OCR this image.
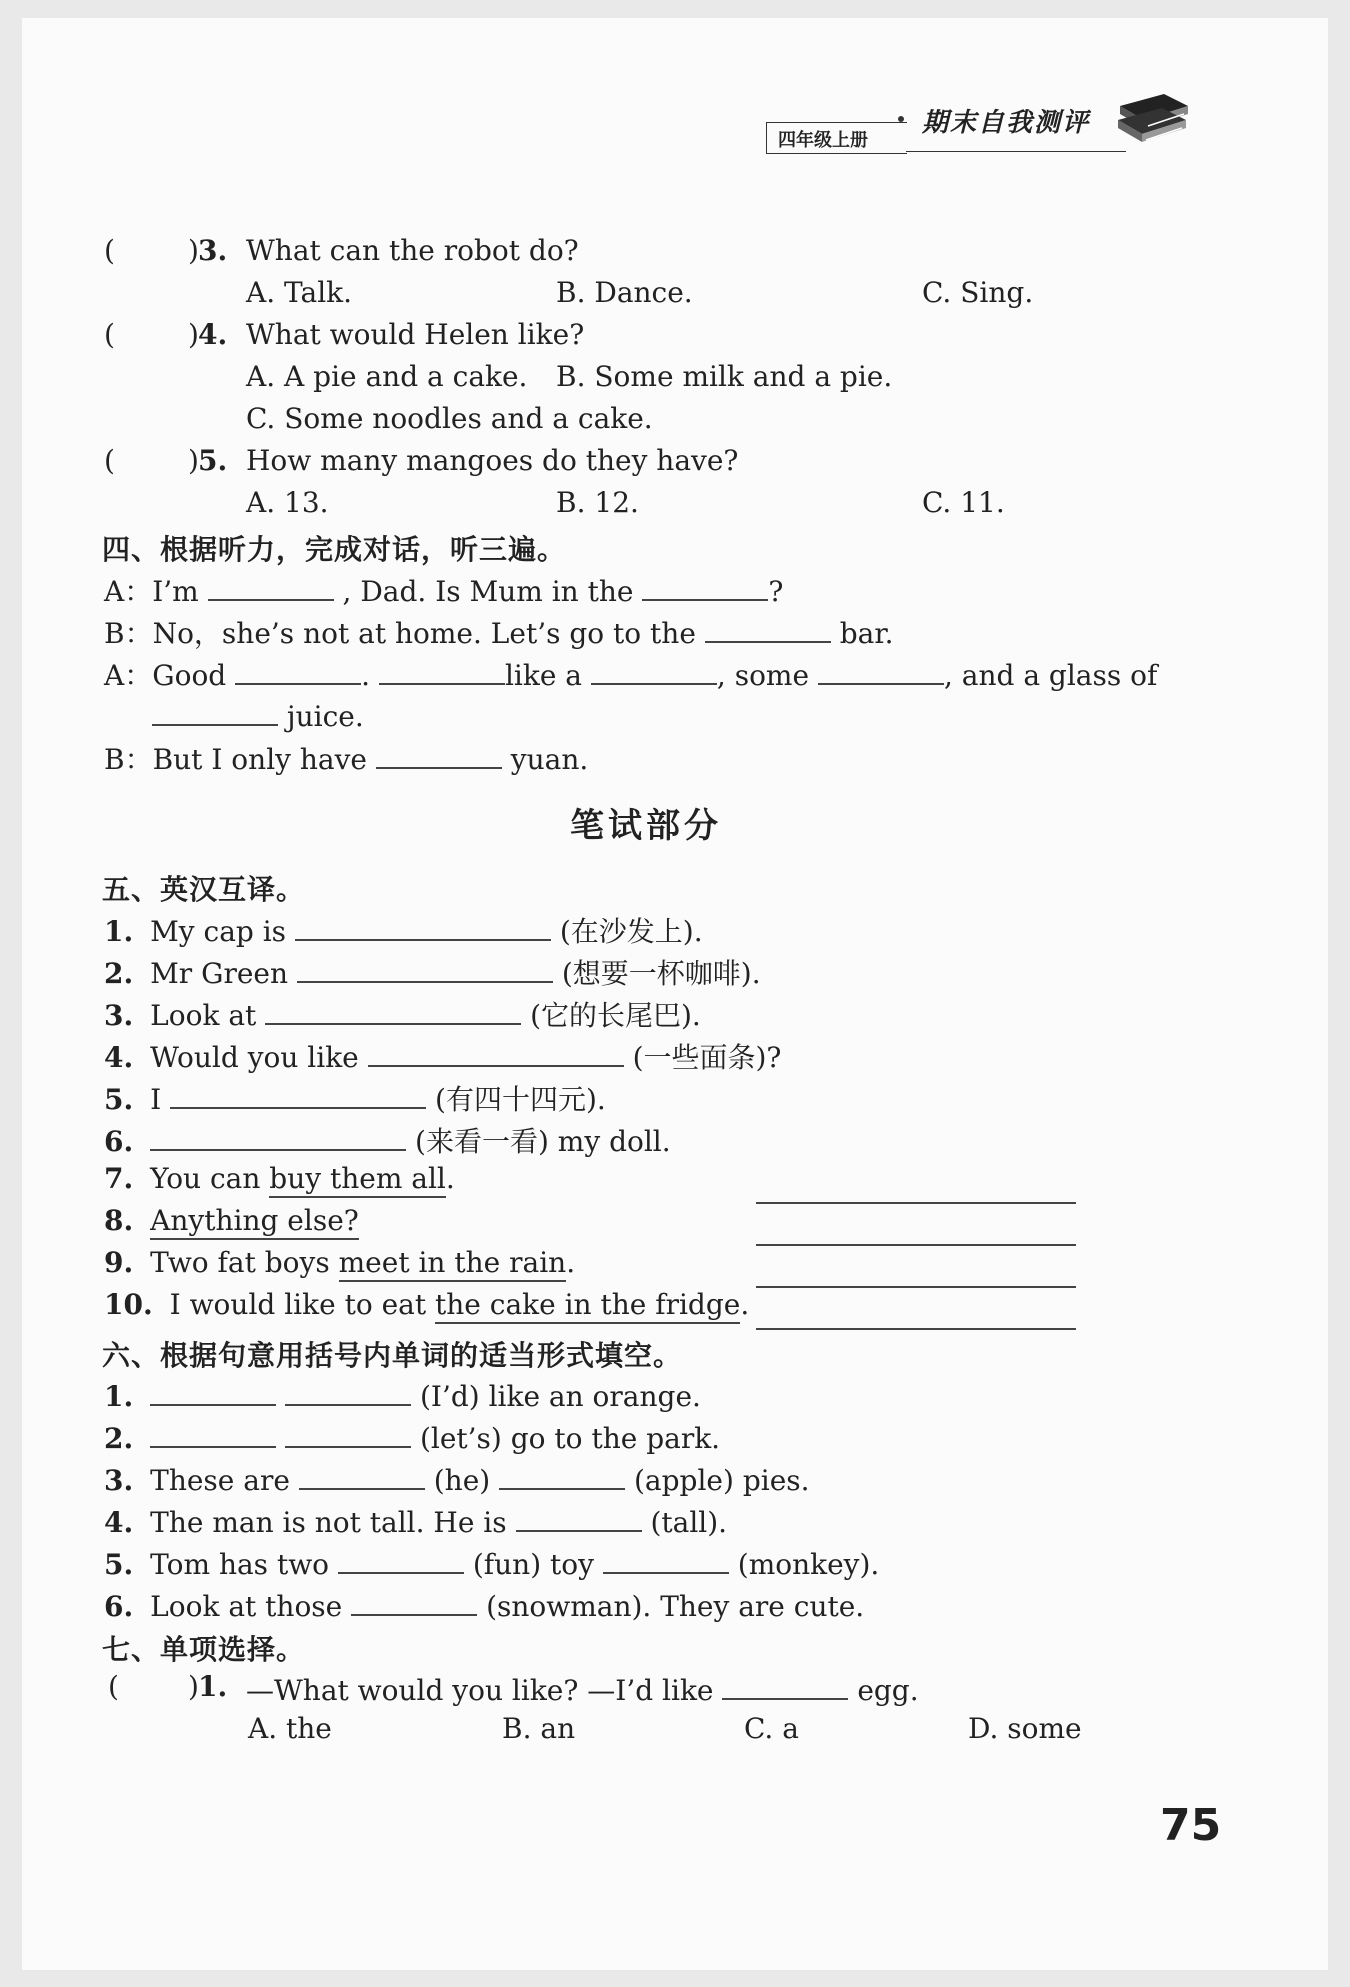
四年级上册
期末自我测评
(	) 3. What can the robot do?
A. Talk.	B. Dance.	C. Sing.
(	) 4. What would Helen like?
A. A pie and a cake. B. Some milk and a pie.
C. Some noodles and a cake.
(	) 5. How many mangoes do they have?
A. 13.	B. 12.	C. 11.
四、根据听力，完成对话，听三遍。
A：I’m	, Dad. Is Mum in the	?
B：No，she’s not at home. Let’s go to the	bar.
A：Good	.	like a	, some	, and a glass of
juice.
B：But I only have	yuan.
笔试部分
五、英汉互译。
1. My cap is	(在沙发上).
2. Mr Green	(想要一杯咖啡).
3. Look at	(它的长尾巴).
4. Would you like	(一些面条)?
5. I	(有四十四元).
6.	(来看一看) my doll.
7. You can buy them all.
8. Anything else?
9. Two fat boys meet in the rain.
10. I would like to eat the cake in the fridge.
六、根据句意用括号内单词的适当形式填空。
1.	(I’d) like an orange.
2.	(let’s) go to the park.
3. These are	(he)	(apple) pies.
4. The man is not tall. He is	(tall).
5. Tom has two	(fun) toy	(monkey).
6. Look at those	(snowman). They are cute.
七、单项选择。
( ) 1. —What would you like? —I’d like	egg.
A. the	B. an	C. a	D. some
75
